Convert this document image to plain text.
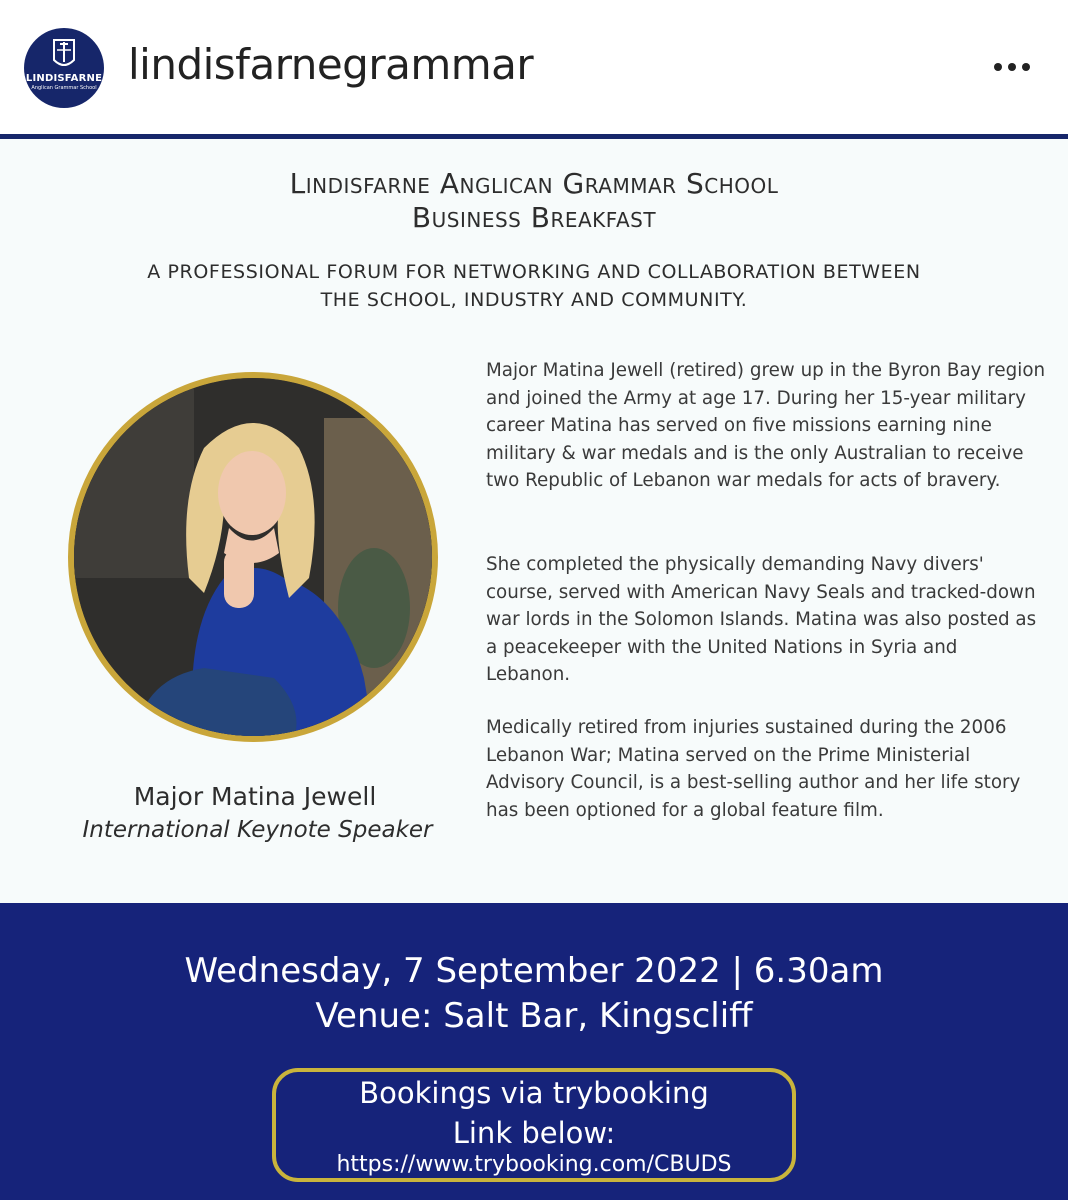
LINDISFARNE
Anglican Grammar School lindisfarnegrammar
Lindisfarne Anglican Grammar School
Business Breakfast
A PROFESSIONAL FORUM FOR NETWORKING AND COLLABORATION BETWEEN
THE SCHOOL, INDUSTRY AND COMMUNITY.
Major Matina Jewell
International Keynote Speaker

Major Matina Jewell (retired) grew up in the Byron Bay region and joined the Army at age 17. During her 15-year military career Matina has served on five missions earning nine military & war medals and is the only Australian to receive two Republic of Lebanon war medals for acts of bravery.

She completed the physically demanding Navy divers' course, served with American Navy Seals and tracked-down war lords in the Solomon Islands. Matina was also posted as a peacekeeper with the United Nations in Syria and Lebanon.

Medically retired from injuries sustained during the 2006 Lebanon War; Matina served on the Prime Ministerial Advisory Council, is a best-selling author and her life story has been optioned for a global feature film.

Wednesday, 7 September 2022 | 6.30am
Venue: Salt Bar, Kingscliff
Bookings via trybooking
Link below:
https://www.trybooking.com/CBUDS
